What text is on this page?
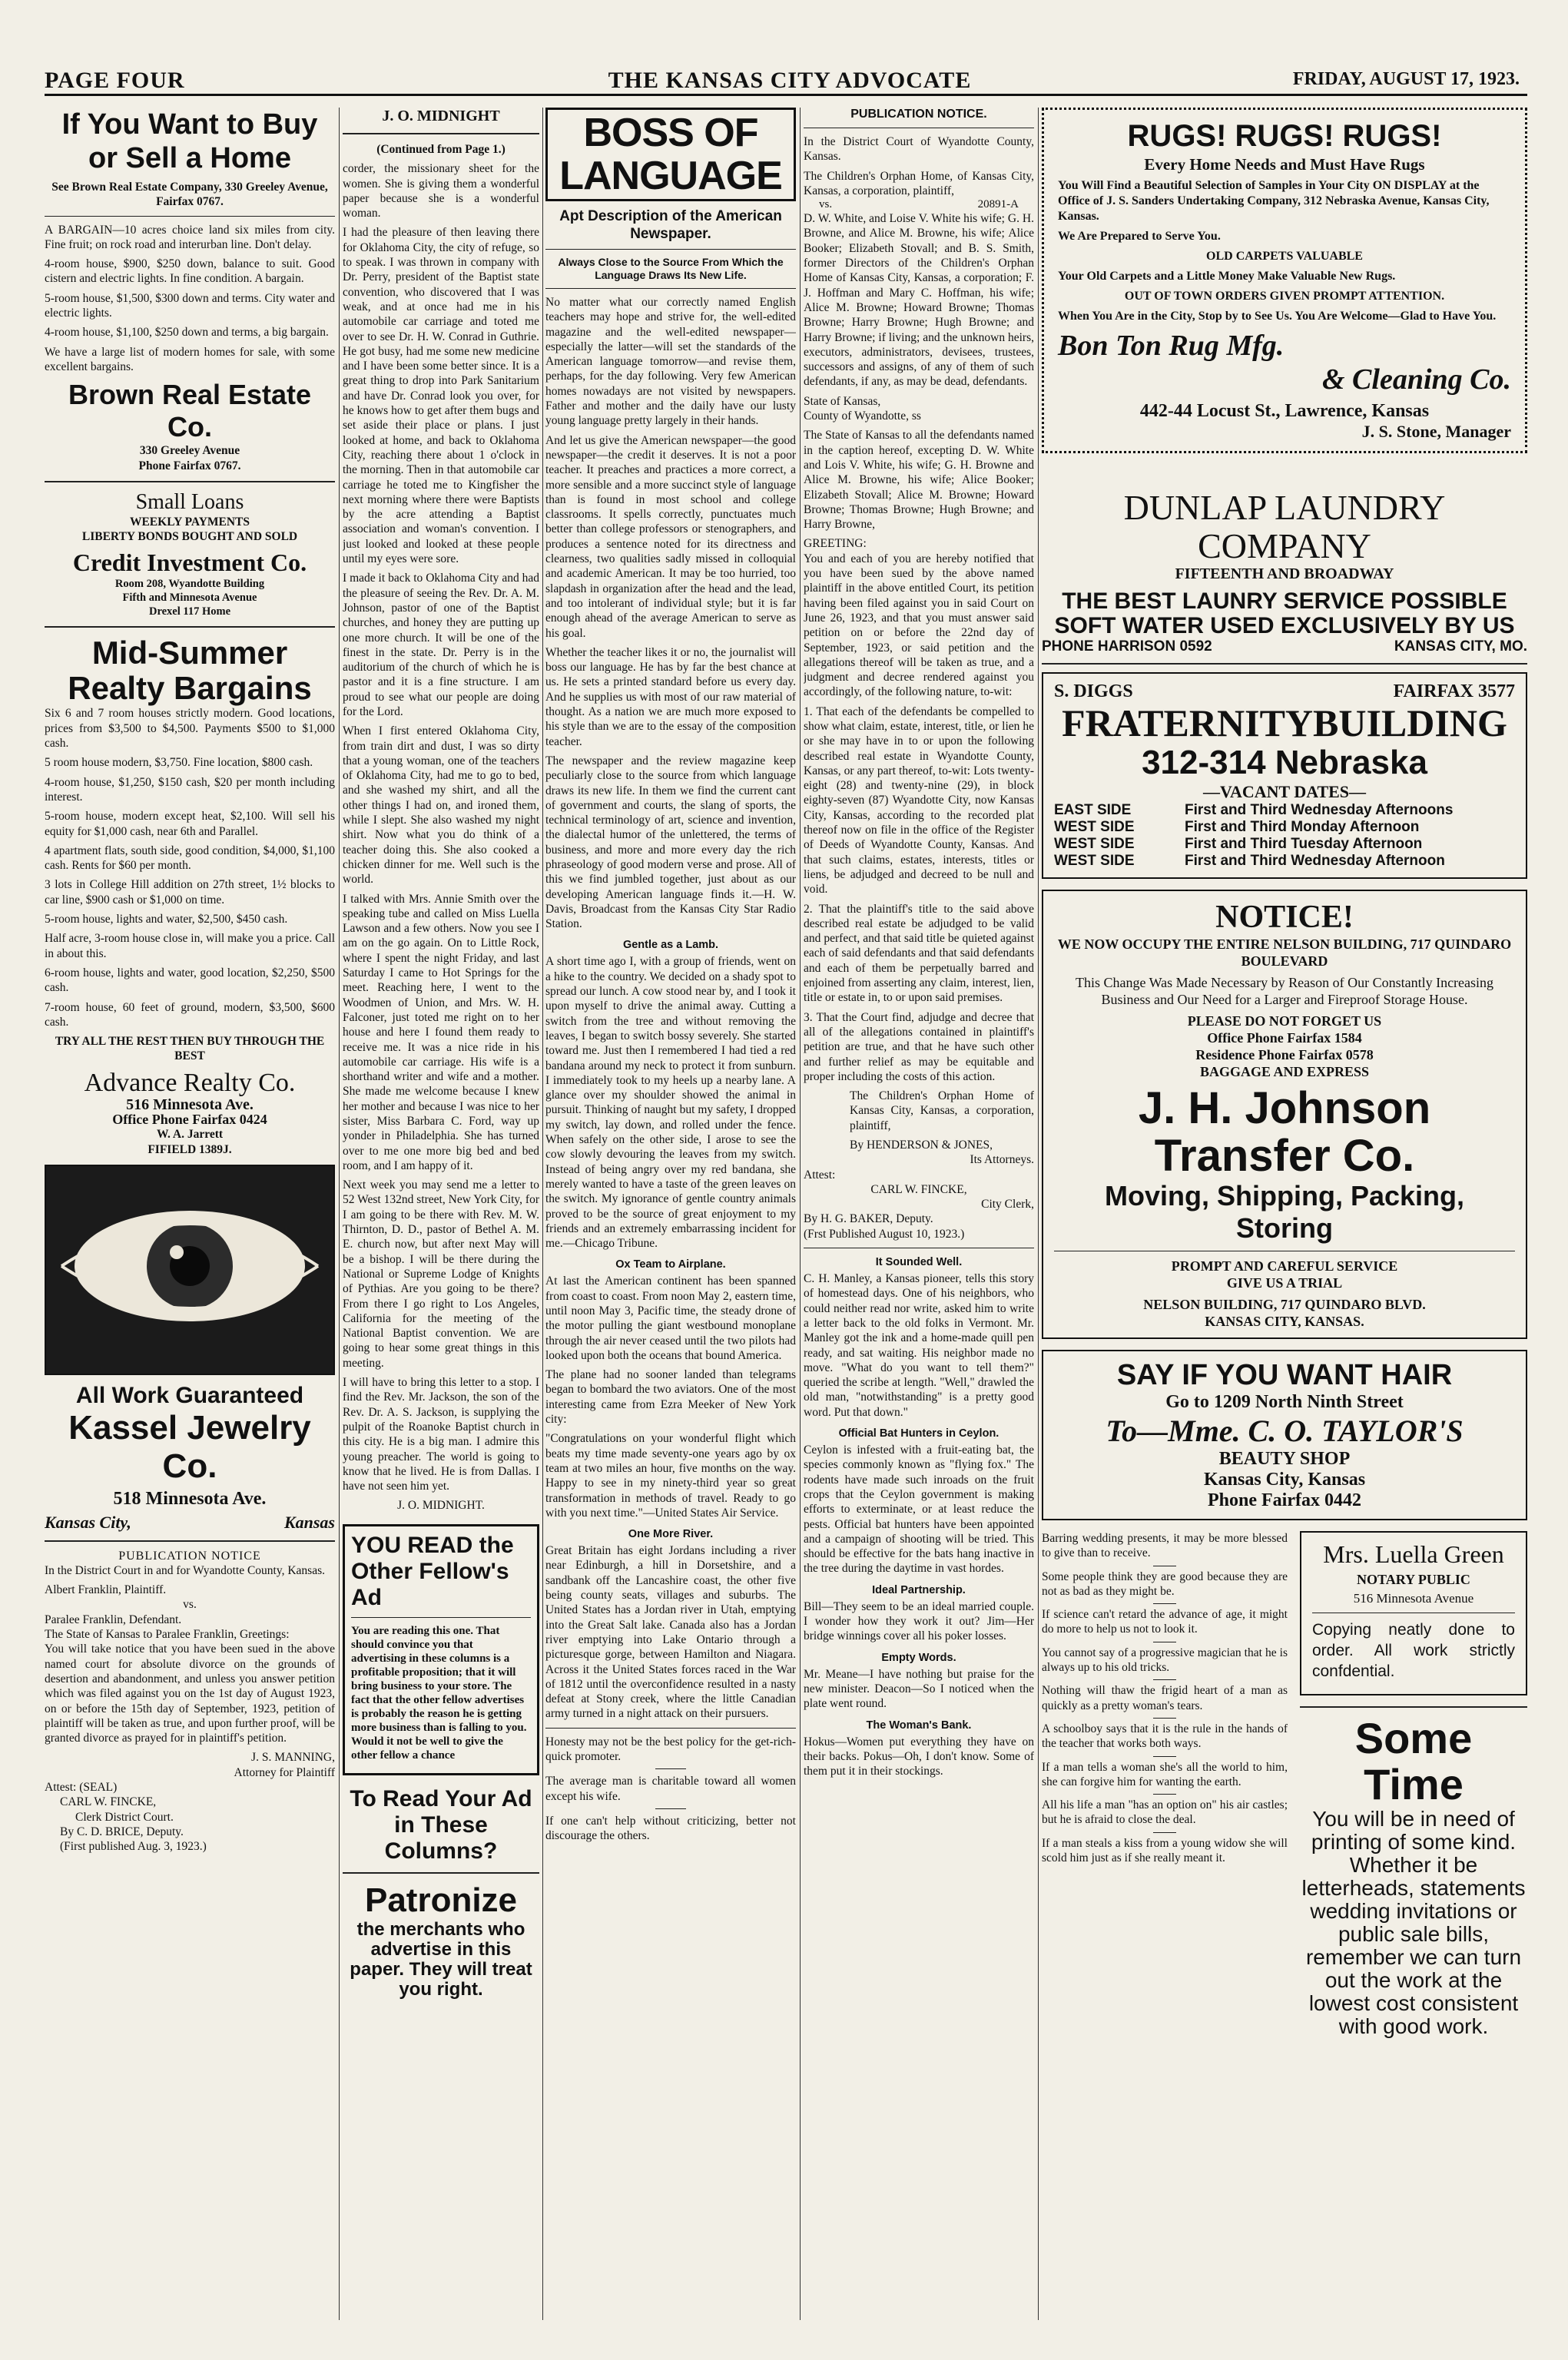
PAGE FOUR	THE KANSAS CITY ADVOCATE	FRIDAY, AUGUST 17, 1923.
If You Want to Buy or Sell a Home

See Brown Real Estate Company, 330 Greeley Avenue, Fairfax 0767.

A BARGAIN—10 acres choice land six miles from city. Fine fruit; on rock road and interurban line. Don't delay.

4-room house, $900, $250 down, balance to suit. Good cistern and electric lights. In fine condition. A bargain.

5-room house, $1,500, $300 down and terms. City water and electric lights.

4-room house, $1,100, $250 down and terms, a big bargain.

We have a large list of modern homes for sale, with some excellent bargains.

Brown Real Estate Co.

330 Greeley Avenue

Phone Fairfax 0767.

Small Loans

WEEKLY PAYMENTS

LIBERTY BONDS BOUGHT AND SOLD

Credit Investment Co.

Room 208, Wyandotte Building

Fifth and Minnesota Avenue

Drexel 117 Home

Mid-Summer Realty Bargains

Six 6 and 7 room houses strictly modern. Good locations, prices from $3,500 to $4,500. Payments $500 to $1,000 cash.

5 room house modern, $3,750. Fine location, $800 cash.

4-room house, $1,250, $150 cash, $20 per month including interest.

5-room house, modern except heat, $2,100. Will sell his equity for $1,000 cash, near 6th and Parallel.

4 apartment flats, south side, good condition, $4,000, $1,100 cash. Rents for $60 per month.

3 lots in College Hill addition on 27th street, 1½ blocks to car line, $900 cash or $1,000 on time.

5-room house, lights and water, $2,500, $450 cash.

Half acre, 3-room house close in, will make you a price. Call in about this.

6-room house, lights and water, good location, $2,250, $500 cash.

7-room house, 60 feet of ground, modern, $3,500, $600 cash.

TRY ALL THE REST THEN BUY THROUGH THE BEST

Advance Realty Co.

516 Minnesota Ave.

Office Phone Fairfax 0424

W. A. Jarrett

FIFIELD 1389J.

All Work Guaranteed
Kassel Jewelry Co.

518 Minnesota Ave.

Kansas City,	Kansas
PUBLICATION NOTICE

In the District Court in and for Wyandotte County, Kansas.

Albert Franklin, Plaintiff.

vs.

Paralee Franklin, Defendant.

The State of Kansas to Paralee Franklin, Greetings:

You will take notice that you have been sued in the above named court for absolute divorce on the grounds of desertion and abandonment, and unless you answer petition which was filed against you on the 1st day of August 1923, on or before the 15th day of September, 1923, petition of plaintiff will be taken as true, and upon further proof, will be granted divorce as prayed for in plaintiff's petition.

J. S. MANNING,

Attorney for Plaintiff

Attest: (SEAL)

CARL W. FINCKE,

Clerk District Court.

By C. D. BRICE, Deputy.

(First published Aug. 3, 1923.)

J. O. MIDNIGHT

(Continued from Page 1.)

corder, the missionary sheet for the women. She is giving them a wonderful paper because she is a wonderful woman.

I had the pleasure of then leaving there for Oklahoma City, the city of refuge, so to speak. I was thrown in company with Dr. Perry, president of the Baptist state convention, who discovered that I was weak, and at once had me in his automobile car carriage and toted me over to see Dr. H. W. Conrad in Guthrie. He got busy, had me some new medicine and I have been some better since. It is a great thing to drop into Park Sanitarium and have Dr. Conrad look you over, for he knows how to get after them bugs and set aside their place or plans. I just looked at home, and back to Oklahoma City, reaching there about 1 o'clock in the morning. Then in that automobile car carriage he toted me to Kingfisher the next morning where there were Baptists by the acre attending a Baptist association and woman's convention. I just looked and looked at these people until my eyes were sore.

I made it back to Oklahoma City and had the pleasure of seeing the Rev. Dr. A. M. Johnson, pastor of one of the Baptist churches, and honey they are putting up one more church. It will be one of the finest in the state. Dr. Perry is in the auditorium of the church of which he is pastor and it is a fine structure. I am proud to see what our people are doing for the Lord.

When I first entered Oklahoma City, from train dirt and dust, I was so dirty that a young woman, one of the teachers of Oklahoma City, had me to go to bed, and she washed my shirt, and all the other things I had on, and ironed them, while I slept. She also washed my night shirt. Now what you do think of a teacher doing this. She also cooked a chicken dinner for me. Well such is the world.

I talked with Mrs. Annie Smith over the speaking tube and called on Miss Luella Lawson and a few others. Now you see I am on the go again. On to Little Rock, where I spent the night Friday, and last Saturday I came to Hot Springs for the meet. Reaching here, I went to the Woodmen of Union, and Mrs. W. H. Falconer, just toted me right on to her house and here I found them ready to receive me. It was a nice ride in his automobile car carriage. His wife is a shorthand writer and wife and a mother. She made me welcome because I knew her mother and because I was nice to her sister, Miss Barbara C. Ford, way up yonder in Philadelphia. She has turned over to me one more big bed and bed room, and I am happy of it.

Next week you may send me a letter to 52 West 132nd street, New York City, for I am going to be there with Rev. M. W. Thirnton, D. D., pastor of Bethel A. M. E. church now, but after next May will be a bishop. I will be there during the National or Supreme Lodge of Knights of Pythias. Are you going to be there? From there I go right to Los Angeles, California for the meeting of the National Baptist convention. We are going to hear some great things in this meeting.

I will have to bring this letter to a stop. I find the Rev. Mr. Jackson, the son of the Rev. Dr. A. S. Jackson, is supplying the pulpit of the Roanoke Baptist church in this city. He is a big man. I admire this young preacher. The world is going to know that he lived. He is from Dallas. I have not seen him yet.

J. O. MIDNIGHT.

YOU READ the Other Fellow's Ad

You are reading this one. That should convince you that advertising in these columns is a profitable proposition; that it will bring business to your store. The fact that the other fellow advertises is probably the reason he is getting more business than is falling to you. Would it not be well to give the other fellow a chance

To Read Your Ad in These Columns?
Patronize
the merchants who advertise in this paper. They will treat you right.
BOSS OF LANGUAGE
Apt Description of the American Newspaper.
Always Close to the Source From Which the Language Draws Its New Life.

No matter what our correctly named English teachers may hope and strive for, the well-edited magazine and the well-edited newspaper—especially the latter—will set the standards of the American language tomorrow—and revise them, perhaps, for the day following. Very few American homes nowadays are not visited by newspapers. Father and mother and the daily have our lusty young language pretty largely in their hands.

And let us give the American newspaper—the good newspaper—the credit it deserves. It is not a poor teacher. It preaches and practices a more correct, a more sensible and a more succinct style of language than is found in most school and college classrooms. It spells correctly, punctuates much better than college professors or stenographers, and produces a sentence noted for its directness and clearness, two qualities sadly missed in colloquial and academic American. It may be too hurried, too slapdash in organization after the head and the lead, and too intolerant of individual style; but it is far enough ahead of the average American to serve as his goal.

Whether the teacher likes it or no, the journalist will boss our language. He has by far the best chance at us. He sets a printed standard before us every day. And he supplies us with most of our raw material of thought. As a nation we are much more exposed to his style than we are to the essay of the composition teacher.

The newspaper and the review magazine keep peculiarly close to the source from which language draws its new life. In them we find the current cant of government and courts, the slang of sports, the technical terminology of art, science and invention, the dialectal humor of the unlettered, the terms of business, and more and more every day the rich phraseology of good modern verse and prose. All of this we find jumbled together, just about as our developing American language finds it.—H. W. Davis, Broadcast from the Kansas City Star Radio Station.

Gentle as a Lamb.

A short time ago I, with a group of friends, went on a hike to the country. We decided on a shady spot to spread our lunch. A cow stood near by, and I took it upon myself to drive the animal away. Cutting a switch from the tree and without removing the leaves, I began to switch bossy severely. She started toward me. Just then I remembered I had tied a red bandana around my neck to protect it from sunburn. I immediately took to my heels up a nearby lane. A glance over my shoulder showed the animal in pursuit. Thinking of naught but my safety, I dropped my switch, lay down, and rolled under the fence. When safely on the other side, I arose to see the cow slowly devouring the leaves from my switch. Instead of being angry over my red bandana, she merely wanted to have a taste of the green leaves on the switch. My ignorance of gentle country animals proved to be the source of great enjoyment to my friends and an extremely embarrassing incident for me.—Chicago Tribune.

Ox Team to Airplane.

At last the American continent has been spanned from coast to coast. From noon May 2, eastern time, until noon May 3, Pacific time, the steady drone of the motor pulling the giant westbound monoplane through the air never ceased until the two pilots had looked upon both the oceans that bound America.

The plane had no sooner landed than telegrams began to bombard the two aviators. One of the most interesting came from Ezra Meeker of New York city:

"Congratulations on your wonderful flight which beats my time made seventy-one years ago by ox team at two miles an hour, five months on the way. Happy to see in my ninety-third year so great transformation in methods of travel. Ready to go with you next time."—United States Air Service.

One More River.

Great Britain has eight Jordans including a river near Edinburgh, a hill in Dorsetshire, and a sandbank off the Lancashire coast, the other five being county seats, villages and suburbs. The United States has a Jordan river in Utah, emptying into the Great Salt lake. Canada also has a Jordan river emptying into Lake Ontario through a picturesque gorge, between Hamilton and Niagara. Across it the United States forces raced in the War of 1812 until the overconfidence resulted in a nasty defeat at Stony creek, where the little Canadian army turned in a night attack on their pursuers.

Honesty may not be the best policy for the get-rich-quick promoter.

The average man is charitable toward all women except his wife.

If one can't help without criticizing, better not discourage the others.

PUBLICATION NOTICE.

In the District Court of Wyandotte County, Kansas.

The Children's Orphan Home, of Kansas City, Kansas, a corporation, plaintiff,

vs.	20891-A

D. W. White, and Loise V. White his wife; G. H. Browne, and Alice M. Browne, his wife; Alice Booker; Elizabeth Stovall; and B. S. Smith, former Directors of the Children's Orphan Home of Kansas City, Kansas, a corporation; F. J. Hoffman and Mary C. Hoffman, his wife; Alice M. Browne; Howard Browne; Thomas Browne; Harry Browne; Hugh Browne; and Harry Browne; if living; and the unknown heirs, executors, administrators, devisees, trustees, successors and assigns, of any of them of such defendants, if any, as may be dead, defendants.

State of Kansas,

County of Wyandotte, ss

The State of Kansas to all the defendants named in the caption hereof, excepting D. W. White and Lois V. White, his wife; G. H. Browne and Alice M. Browne, his wife; Alice Booker; Elizabeth Stovall; Alice M. Browne; Howard Browne; Thomas Browne; Hugh Browne; and Harry Browne,

GREETING:

You and each of you are hereby notified that you have been sued by the above named plaintiff in the above entitled Court, its petition having been filed against you in said Court on June 26, 1923, and that you must answer said petition on or before the 22nd day of September, 1923, or said petition and the allegations thereof will be taken as true, and a judgment and decree rendered against you accordingly, of the following nature, to-wit:

1. That each of the defendants be compelled to show what claim, estate, interest, title, or lien he or she may have in to or upon the following described real estate in Wyandotte County, Kansas, or any part thereof, to-wit: Lots twenty-eight (28) and twenty-nine (29), in block eighty-seven (87) Wyandotte City, now Kansas City, Kansas, according to the recorded plat thereof now on file in the office of the Register of Deeds of Wyandotte County, Kansas. And that such claims, estates, interests, titles or liens, be adjudged and decreed to be null and void.

2. That the plaintiff's title to the said above described real estate be adjudged to be valid and perfect, and that said title be quieted against each of said defendants and that said defendants and each of them be perpetually barred and enjoined from asserting any claim, interest, lien, title or estate in, to or upon said premises.

3. That the Court find, adjudge and decree that all of the allegations contained in plaintiff's petition are true, and that he have such other and further relief as may be equitable and proper including the costs of this action.

The Children's Orphan Home of Kansas City, Kansas, a corporation, plaintiff,

By HENDERSON & JONES,

Its Attorneys.

Attest:

CARL W. FINCKE,

City Clerk,

By H. G. BAKER, Deputy.

(Frst Published August 10, 1923.)

It Sounded Well.

C. H. Manley, a Kansas pioneer, tells this story of homestead days. One of his neighbors, who could neither read nor write, asked him to write a letter back to the old folks in Vermont. Mr. Manley got the ink and a home-made quill pen ready, and sat waiting. His neighbor made no move. "What do you want to tell them?" queried the scribe at length. "Well," drawled the old man, "notwithstanding" is a pretty good word. Put that down."

Official Bat Hunters in Ceylon.

Ceylon is infested with a fruit-eating bat, the species commonly known as "flying fox." The rodents have made such inroads on the fruit crops that the Ceylon government is making efforts to exterminate, or at least reduce the pests. Official bat hunters have been appointed and a campaign of shooting will be tried. This should be effective for the bats hang inactive in the tree during the daytime in vast hordes.

Ideal Partnership.

Bill—They seem to be an ideal married couple. I wonder how they work it out? Jim—Her bridge winnings cover all his poker losses.

Empty Words.

Mr. Meane—I have nothing but praise for the new minister. Deacon—So I noticed when the plate went round.

The Woman's Bank.

Hokus—Women put everything they have on their backs. Pokus—Oh, I don't know. Some of them put it in their stockings.

RUGS! RUGS! RUGS!
Every Home Needs and Must Have Rugs

You Will Find a Beautiful Selection of Samples in Your City ON DISPLAY at the Office of J. S. Sanders Undertaking Company, 312 Nebraska Avenue, Kansas City, Kansas.

We Are Prepared to Serve You.

OLD CARPETS VALUABLE

Your Old Carpets and a Little Money Make Valuable New Rugs.

OUT OF TOWN ORDERS GIVEN PROMPT ATTENTION.

When You Are in the City, Stop by to See Us. You Are Welcome—Glad to Have You.

Bon Ton Rug Mfg.
& Cleaning Co.

442-44 Locust St., Lawrence, Kansas

J. S. Stone, Manager

DUNLAP LAUNDRY COMPANY
FIFTEENTH AND BROADWAY
THE BEST LAUNRY SERVICE POSSIBLE
SOFT WATER USED EXCLUSIVELY BY US
PHONE HARRISON 0592	KANSAS CITY, MO.
S. DIGGS	FAIRFAX 3577
FRATERNITYBUILDING
312-314 Nebraska
—VACANT DATES—
EAST SIDE	First and Third Wednesday Afternoons
WEST SIDE	First and Third Monday Afternoon
WEST SIDE	First and Third Tuesday Afternoon
WEST SIDE	First and Third Wednesday Afternoon
NOTICE!

WE NOW OCCUPY THE ENTIRE NELSON BUILDING, 717 QUINDARO BOULEVARD

This Change Was Made Necessary by Reason of Our Constantly Increasing Business and Our Need for a Larger and Fireproof Storage House.

PLEASE DO NOT FORGET US

Office Phone Fairfax 1584

Residence Phone Fairfax 0578

BAGGAGE AND EXPRESS

J. H. Johnson Transfer Co.
Moving, Shipping, Packing, Storing

PROMPT AND CAREFUL SERVICE

GIVE US A TRIAL

NELSON BUILDING, 717 QUINDARO BLVD.

KANSAS CITY, KANSAS.

SAY IF YOU WANT HAIR
Go to 1209 North Ninth Street
To—Mme. C. O. TAYLOR'S
BEAUTY SHOP
Kansas City, Kansas
Phone Fairfax 0442

Barring wedding presents, it may be more blessed to give than to receive.

Some people think they are good because they are not as bad as they might be.

If science can't retard the advance of age, it might do more to help us not to look it.

You cannot say of a progressive magician that he is always up to his old tricks.

Nothing will thaw the frigid heart of a man as quickly as a pretty woman's tears.

A schoolboy says that it is the rule in the hands of the teacher that works both ways.

If a man tells a woman she's all the world to him, she can forgive him for wanting the earth.

All his life a man "has an option on" his air castles; but he is afraid to close the deal.

If a man steals a kiss from a young widow she will scold him just as if she really meant it.

Mrs. Luella Green

NOTARY PUBLIC

516 Minnesota Avenue

Copying neatly done to order. All work strictly confdential.

Some Time
You will be in need of printing of some kind. Whether it be letterheads, statements wedding invitations or public sale bills, remember we can turn out the work at the lowest cost consistent with good work.
